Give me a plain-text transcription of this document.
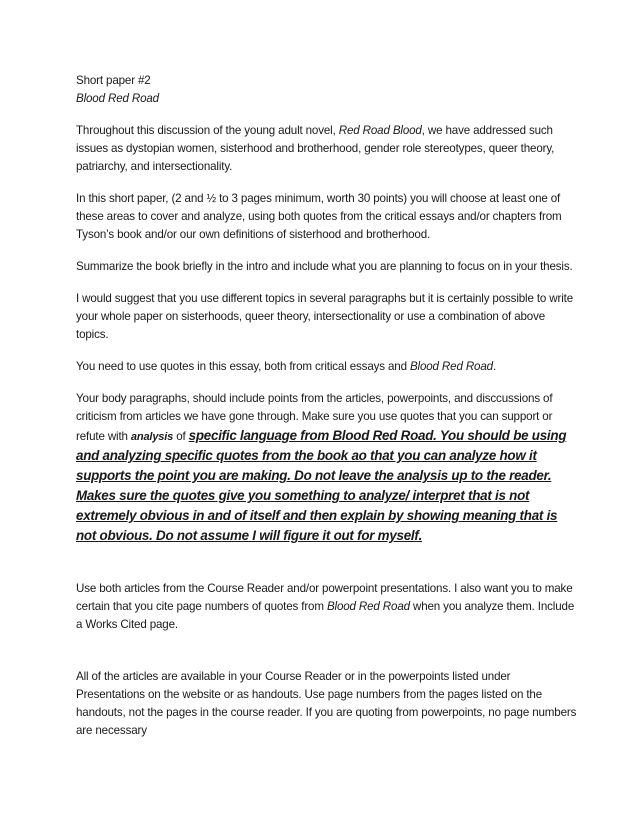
Short paper #2

Blood Red Road

Throughout this discussion of the young adult novel, Red Road Blood, we have addressed such issues as dystopian women, sisterhood and brotherhood, gender role stereotypes, queer theory, patriarchy, and intersectionality.

In this short paper, (2 and ½ to 3 pages minimum, worth 30 points) you will choose at least one of these areas to cover and analyze, using both quotes from the critical essays and/or chapters from Tyson’s book and/or our own definitions of sisterhood and brotherhood.

Summarize the book briefly in the intro and include what you are planning to focus on in your thesis.

I would suggest that you use different topics in several paragraphs but it is certainly possible to write your whole paper on sisterhoods, queer theory, intersectionality or use a combination of above topics.

You need to use quotes in this essay, both from critical essays and Blood Red Road.

Your body paragraphs, should include points from the articles, powerpoints, and disccussions of criticism from articles we have gone through. Make sure you use quotes that you can support or refute with analysis of specific language from Blood Red Road. You should be using and analyzing specific quotes from the book ao that you can analyze how it supports the point you are making. Do not leave the analysis up to the reader. Makes sure the quotes give you something to analyze/ interpret that is not extremely obvious in and of itself and then explain by showing meaning that is not obvious. Do not assume I will figure it out for myself.

Use both articles from the Course Reader and/or powerpoint presentations. I also want you to make certain that you cite page numbers of quotes from Blood Red Road when you analyze them. Include a Works Cited page.

All of the articles are available in your Course Reader or in the powerpoints listed under Presentations on the website or as handouts. Use page numbers from the pages listed on the handouts, not the pages in the course reader. If you are quoting from powerpoints, no page numbers are necessary
